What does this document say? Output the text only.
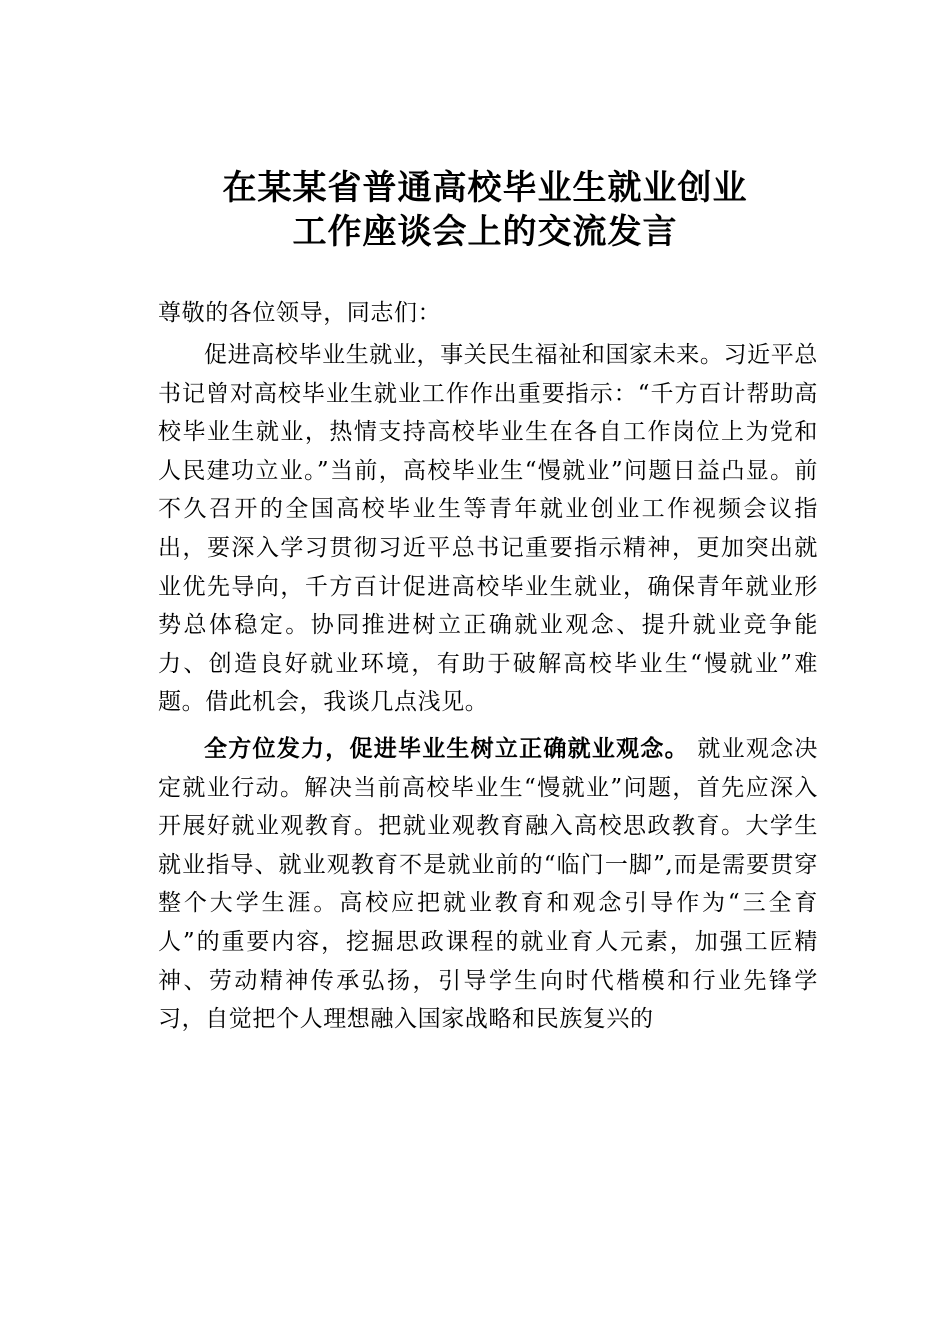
在某某省普通高校毕业生就业创业
工作座谈会上的交流发言

尊敬的各位领导，同志们：

促进高校毕业生就业，事关民生福祉和国家未来。习近平总书记曾对高校毕业生就业工作作出重要指示：“千方百计帮助高校毕业生就业，热情支持高校毕业生在各自工作岗位上为党和人民建功立业。”当前，高校毕业生“慢就业”问题日益凸显。前不久召开的全国高校毕业生等青年就业创业工作视频会议指出，要深入学习贯彻习近平总书记重要指示精神，更加突出就业优先导向，千方百计促进高校毕业生就业，确保青年就业形势总体稳定。协同推进树立正确就业观念、提升就业竞争能力、创造良好就业环境，有助于破解高校毕业生“慢就业”难题。借此机会，我谈几点浅见。

全方位发力，促进毕业生树立正确就业观念。 就业观念决定就业行动。解决当前高校毕业生“慢就业”问题，首先应深入开展好就业观教育。把就业观教育融入高校思政教育。大学生就业指导、就业观教育不是就业前的“临门一脚”,而是需要贯穿整个大学生涯。高校应把就业教育和观念引导作为“三全育人”的重要内容，挖掘思政课程的就业育人元素，加强工匠精神、劳动精神传承弘扬，引导学生向时代楷模和行业先锋学习，自觉把个人理想融入国家战略和民族复兴的
